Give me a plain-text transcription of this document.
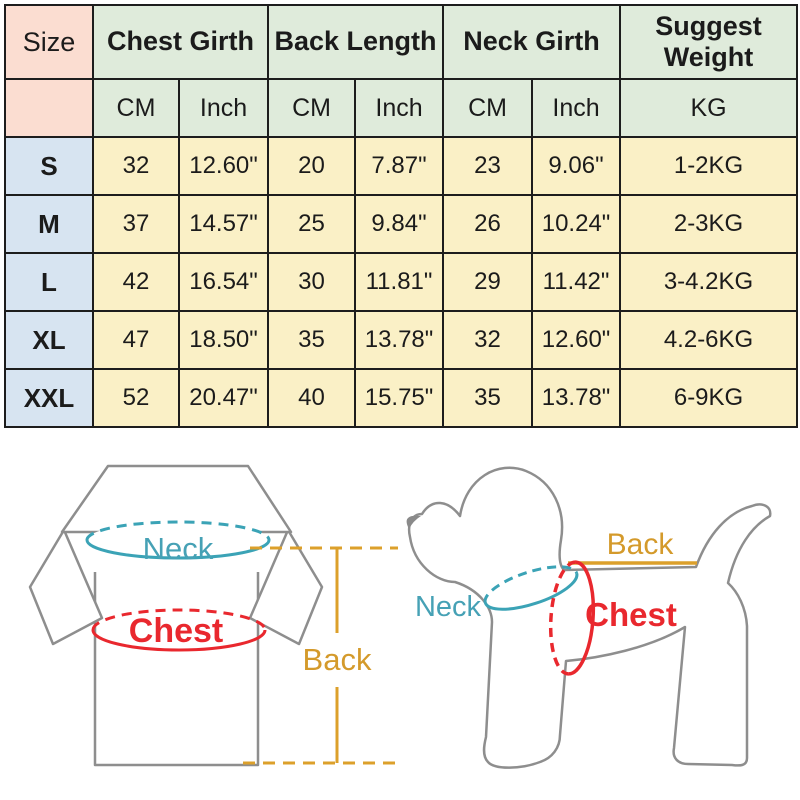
Size	Chest Girth		Back Length		Neck Girth		Suggest Weight
	CM	Inch	CM	Inch	CM	Inch	KG
S	32	12.60"	20	7.87"	23	9.06"	1-2KG
M	37	14.57"	25	9.84"	26	10.24"	2-3KG
L	42	16.54"	30	11.81"	29	11.42"	3-4.2KG
XL	47	18.50"	35	13.78"	32	12.60"	4.2-6KG
XXL	52	20.47"	40	15.75"	35	13.78"	6-9KG
Neck
Chest
Back
Neck	Chest
Back
